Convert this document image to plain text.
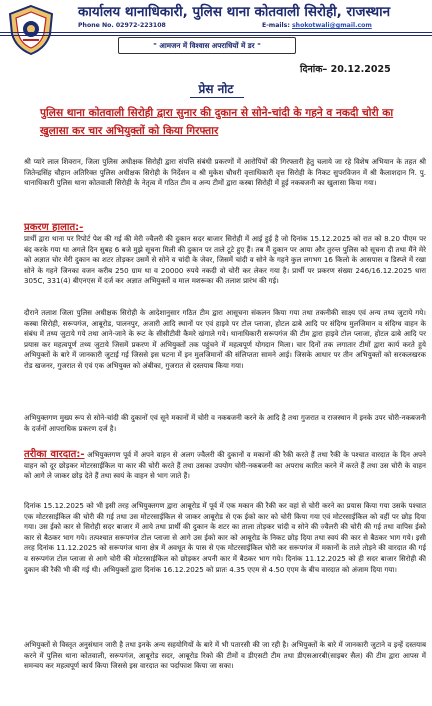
कार्यालय थानाधिकारी, पुलिस थाना कोतवाली सिरोही, राजस्थान
Phone No. 02972-223108	E-mails: shokotwali@gmail.com
" आमजन में विश्वास अपराधियों में डर "
दिनांक– 20.12.2025
प्रेस नोट
पुलिस थाना कोतवाली सिरोही द्वारा सुनार की दुकान से सोने-चांदी के गहने व नकदी चोरी का खुलासा कर चार अभियुक्तों को किया गिरफ्तार
श्री प्यारे लाल शिवरान, जिला पुलिस अधीक्षक सिरोही द्वारा संपत्ति संबंधी प्रकरणों में आरोपियों की गिरफ्तारी हेतु चलाये जा रहे विशेष अभियान के तहत श्री जितेन्द्रसिंह चौहान अतिरिक्त पुलिस अधीक्षक सिरोही के निर्देशन व श्री मुकेश चौधरी वृत्ताधिकारी वृत्त सिरोही के निकट सुपरविजन में श्री कैलाशदान नि. पु. थानाधिकारी पुलिस थाना कोतवाली सिरोही के नेतृत्व में गठित टीम व अन्य टीमों द्वारा कस्बा सिरोही में हुई नकबजनी का खुलासा किया गया।
प्रकरण हालात:-
प्रार्थी द्वारा थाना पर रिपोर्ट पेश की गई की मेरी ज्वैलरी की दुकान सदर बाजार सिरोही में आई हुई है जो दिनांक 15.12.2025 को रात को 8.20 पीएम पर बंद करके गया था अगले दिन सुबह 6 बजे मुझे सूचना मिली की दुकान पर ताले टूटे हुए हैं। तब मैं दुकान पर आया और तुरन्त पुलिस को सूचना दी तथा मैंने मेरे को अज्ञात चोर मेरी दुकान का शटर तोड़कर उसमें से सोने व चांदी के जेवर, जिसमें चांदी व सोने के गहने कुल लगभग 16 किलो के आसपास व डिस्प्ले में रखा सोने के गहने जिनका वजन करीब 250 ग्राम था व 20000 रुपये नकदी वो चोरी कर लेकर गया है। प्रार्थी पर प्रकरण संख्या 246/16.12.2025 धारा 305C, 331(4) बीएनएस में दर्ज कर अज्ञात अभियुक्तों व माल मशरूका की तलाश प्रारंभ की गई।
दौराने तलाश जिला पुलिस अधीक्षक सिरोही के आदेशानुसार गठित टीम द्वारा आसूचना संकलन किया गया तथा तकनीकी साक्ष्य एवं अन्य तथ्य जुटाये गये। कस्बा सिरोही, सरूपगंज, आबूरोड, पालनपुर, अजारी आदि स्थानों पर एवं हाइवे पर टोल प्लाजा, होटल ढाबे आदि पर संदिग्ध मुलजिमान व संदिग्ध वाहन के संबंध में तथ्य जुटाये गये तथा आने-जाने के रूट के सीसीटीवी कैमरे खंगाले गये। थानाधिकारी सरूपगंज की टीम द्वारा हाइवे टोल प्लाजा, होटल ढाबे आदि पर प्रयास कर महत्वपूर्ण तथ्य जुटाये जिसमें प्रकरण में अभियुक्तों तक पहुंचने में महत्वपूर्ण योगदान मिला। चार दिनों तक लगातार टीमों द्वारा कार्य करते हुये अभियुक्तों के बारे में जानकारी जुटाई गई जिससे इस घटना में इन मुलजिमानों की संलिप्तता सामने आई। जिसके आधार पर तीन अभियुक्तों को सरकलखरक रोड खजनर, गुजरात से एवं एक अभियुक्त को अंबीका, गुजरात से दस्तयाब किया गया।
अभियुक्तगण मुख्य रूप से सोने-चांदी की दुकानों एवं सूने मकानों में चोरी व नकबजनी करने के आदि है तथा गुजरात व राजस्थान में इनके उपर चोरी-नकबजनी के दर्जनों आपराधिक प्रकरण दर्ज है।
तरीका वारदात:- अभियुक्तगण पूर्व में अपने वाहन से अलग ज्वैलरी की दुकानों व मकानों की रैकी करते हैं तथा रैकी के पश्चात वारदात के दिन अपने वाहन को दूर छोड़कर मोटरसाईकिल या कार की चोरी करते हैं तथा उसका उपयोग चोरी-नकबजनी का अपराध कारित करने में करते हैं तथा उस चोरी के वाहन को आगे ले जाकर छोड़ देते हैं तथा स्वयं के वाहन से भाग जाते हैं।
दिनांक 15.12.2025 को भी इसी तरह अभियुक्तगण द्वारा आबूरोड में पूर्व में एक मकान की रैकी कर वहां से चोरी करने का प्रयास किया गया उसके पश्चात एक मोटरसाईकिल की चोरी की गई तथा उस मोटरसाईकिल से जाकर आबूरोड से एक ईको कार को चोरी किया गया एवं मोटरसाईकिल को वहीं पर छोड़ दिया गया। उस ईको कार से सिरोही सदर बाजार में आये तथा प्रार्थी की दुकान के शटर का ताला तोड़कर चांदी व सोने की ज्वैलरी की चोरी की गई तथा वापिस ईको कार से बैठकर भाग गये। तत्पश्चात सरूपगंज टोल प्लाजा से आगे उस ईको कार को आबूरोड के निकट छोड़ दिया तथा स्वयं की कार से बैठकर भाग गये। इसी तरह दिनांक 11.12.2025 को सरूपगंज थाना क्षेत्र में अवधूत के पास से एक मोटरसाईकिल चोरी कर सरूपगंज में मकानों के ताले तोड़ने की वारदात की गई व सरूपगंज टोल प्लाजा से आगे चोरी की मोटरसाईकिल को छोड़कर अपनी कार में बैठकर भाग गये। दिनांक 11.12.2025 को ही सदर बाजार सिरोही की दुकान की रैकी भी की गई थी। अभियुक्तों द्वारा दिनांक 16.12.2025 को प्रातः 4.35 एएम से 4.50 एएम के बीच वारदात को अंजाम दिया गया।
अभियुक्तों से विस्तृत अनुसंधान जारी है तथा इनके अन्य सहयोगियों के बारे में भी पतारसी की जा रही है। अभियुक्तों के बारे में जानकारी जुटाने व इन्हें दस्तयाब करने में पुलिस थाना कोतवाली, सरूपगंज, आबूरोड सदर, आबूरोड रिको की टीमों व डीएसटी टीम तथा डीएसआरबी(साइबर सैल) की टीम द्वारा आपस में समन्वय कर महत्वपूर्ण कार्य किया जिससे इस वारदात का पर्दाफाश किया जा सका।
